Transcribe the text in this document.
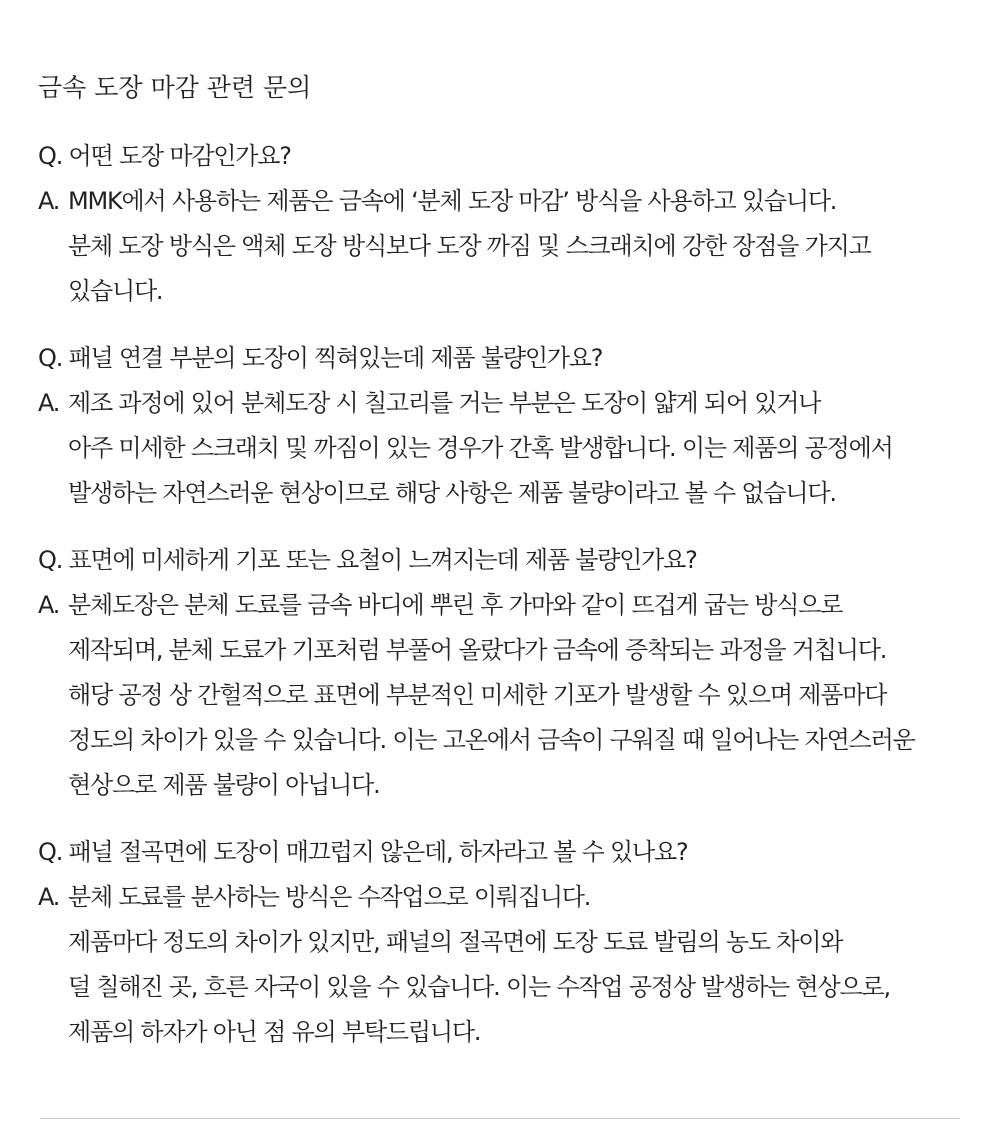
금속 도장 마감 관련 문의
Q. 어떤 도장 마감인가요?
A. MMK에서 사용하는 제품은 금속에 ‘분체 도장 마감’ 방식을 사용하고 있습니다.
분체 도장 방식은 액체 도장 방식보다 도장 까짐 및 스크래치에 강한 장점을 가지고
있습니다.
Q. 패널 연결 부분의 도장이 찍혀있는데 제품 불량인가요?
A. 제조 과정에 있어 분체도장 시 칠고리를 거는 부분은 도장이 얇게 되어 있거나
아주 미세한 스크래치 및 까짐이 있는 경우가 간혹 발생합니다. 이는 제품의 공정에서
발생하는 자연스러운 현상이므로 해당 사항은 제품 불량이라고 볼 수 없습니다.
Q. 표면에 미세하게 기포 또는 요철이 느껴지는데 제품 불량인가요?
A. 분체도장은 분체 도료를 금속 바디에 뿌린 후 가마와 같이 뜨겁게 굽는 방식으로
제작되며, 분체 도료가 기포처럼 부풀어 올랐다가 금속에 증착되는 과정을 거칩니다.
해당 공정 상 간헐적으로 표면에 부분적인 미세한 기포가 발생할 수 있으며 제품마다
정도의 차이가 있을 수 있습니다. 이는 고온에서 금속이 구워질 때 일어나는 자연스러운
현상으로 제품 불량이 아닙니다.
Q. 패널 절곡면에 도장이 매끄럽지 않은데, 하자라고 볼 수 있나요?
A. 분체 도료를 분사하는 방식은 수작업으로 이뤄집니다.
제품마다 정도의 차이가 있지만, 패널의 절곡면에 도장 도료 발림의 농도 차이와
덜 칠해진 곳, 흐른 자국이 있을 수 있습니다. 이는 수작업 공정상 발생하는 현상으로,
제품의 하자가 아닌 점 유의 부탁드립니다.
